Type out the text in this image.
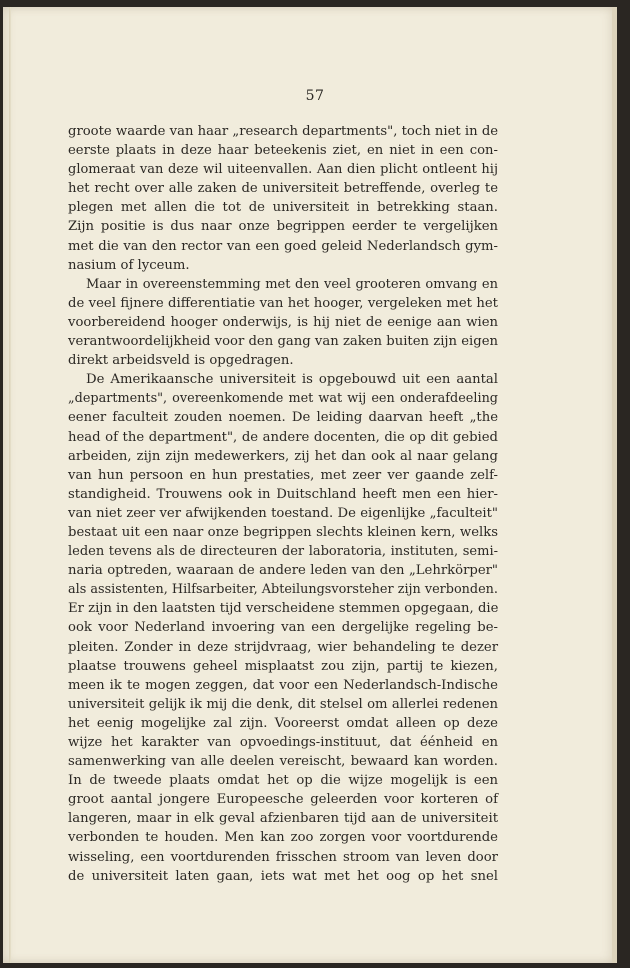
57
groote waarde van haar „research departments", toch niet in de
eerste plaats in deze haar beteekenis ziet, en niet in een con-
glomeraat van deze wil uiteenvallen. Aan dien plicht ontleent hij
het recht over alle zaken de universiteit betreffende, overleg te
plegen met allen die tot de universiteit in betrekking staan.
Zijn positie is dus naar onze begrippen eerder te vergelijken
met die van den rector van een goed geleid Nederlandsch gym-
nasium of lyceum.
Maar in overeenstemming met den veel grooteren omvang en
de veel fijnere differentiatie van het hooger, vergeleken met het
voorbereidend hooger onderwijs, is hij niet de eenige aan wien
verantwoordelijkheid voor den gang van zaken buiten zijn eigen
direkt arbeidsveld is opgedragen.
De Amerikaansche universiteit is opgebouwd uit een aantal
„departments", overeenkomende met wat wij een onderafdeeling
eener faculteit zouden noemen. De leiding daarvan heeft „the
head of the department", de andere docenten, die op dit gebied
arbeiden, zijn zijn medewerkers, zij het dan ook al naar gelang
van hun persoon en hun prestaties, met zeer ver gaande zelf-
standigheid. Trouwens ook in Duitschland heeft men een hier-
van niet zeer ver afwijkenden toestand. De eigenlijke „faculteit"
bestaat uit een naar onze begrippen slechts kleinen kern, welks
leden tevens als de directeuren der laboratoria, instituten, semi-
naria optreden, waaraan de andere leden van den „Lehrkörper"
als assistenten, Hilfsarbeiter, Abteilungsvorsteher zijn verbonden.
Er zijn in den laatsten tijd verscheidene stemmen opgegaan, die
ook voor Nederland invoering van een dergelijke regeling be-
pleiten. Zonder in deze strijdvraag, wier behandeling te dezer
plaatse trouwens geheel misplaatst zou zijn, partij te kiezen,
meen ik te mogen zeggen, dat voor een Nederlandsch-Indische
universiteit gelijk ik mij die denk, dit stelsel om allerlei redenen
het eenig mogelijke zal zijn. Vooreerst omdat alleen op deze
wijze het karakter van opvoedings-instituut, dat éénheid en
samenwerking van alle deelen vereischt, bewaard kan worden.
In de tweede plaats omdat het op die wijze mogelijk is een
groot aantal jongere Europeesche geleerden voor korteren of
langeren, maar in elk geval afzienbaren tijd aan de universiteit
verbonden te houden. Men kan zoo zorgen voor voortdurende
wisseling, een voortdurenden frisschen stroom van leven door
de universiteit laten gaan, iets wat met het oog op het snel
